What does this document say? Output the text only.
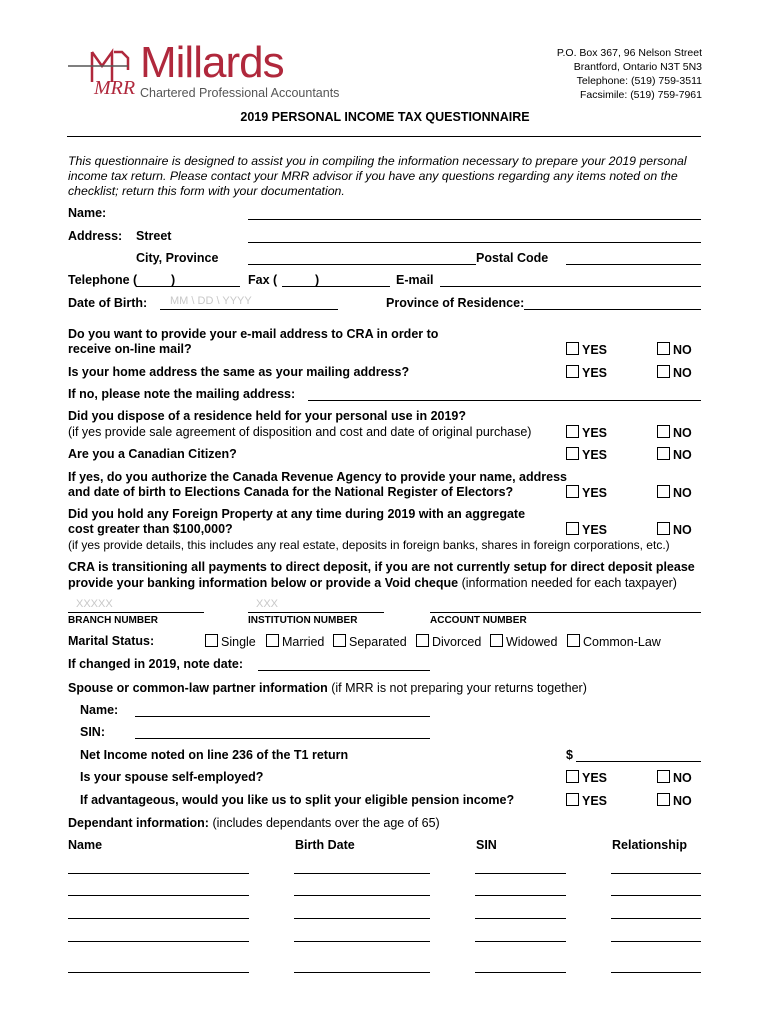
MRR
Millards
Chartered Professional Accountants
P.O. Box 367, 96 Nelson Street
Brantford, Ontario N3T 5N3
Telephone: (519) 759-3511
Facsimile: (519) 759-7961
2019 PERSONAL INCOME TAX QUESTIONNAIRE
This questionnaire is designed to assist you in compiling the information necessary to prepare your 2019 personal income tax return. Please contact your MRR advisor if you have any questions regarding any items noted on the checklist; return this form with your documentation.
Name:
Address: Street
City, Province	Postal Code
Telephone (	)	Fax (	)	E-mail
Date of Birth: MM \ DD \ YYYY	Province of Residence:
Do you want to provide your e-mail address to CRA in order to
receive on-line mail?	YES	NO
Is your home address the same as your mailing address?	YES	NO
If no, please note the mailing address:
Did you dispose of a residence held for your personal use in 2019?
(if yes provide sale agreement of disposition and cost and date of original purchase)	YES	NO
Are you a Canadian Citizen?	YES	NO
If yes, do you authorize the Canada Revenue Agency to provide your name, address
and date of birth to Elections Canada for the National Register of Electors?	YES	NO
Did you hold any Foreign Property at any time during 2019 with an aggregate
cost greater than $100,000?	YES	NO
(if yes provide details, this includes any real estate, deposits in foreign banks, shares in foreign corporations, etc.)
CRA is transitioning all payments to direct deposit, if you are not currently setup for direct deposit please
provide your banking information below or provide a Void cheque (information needed for each taxpayer)
XXXXX	XXX
BRANCH NUMBER	INSTITUTION NUMBER	ACCOUNT NUMBER
Marital Status:	Single	Married	Separated	Divorced	Widowed	Common-Law
If changed in 2019, note date:
Spouse or common-law partner information (if MRR is not preparing your returns together)
Name:
SIN:
Net Income noted on line 236 of the T1 return	$
Is your spouse self-employed?	YES	NO
If advantageous, would you like us to split your eligible pension income?	YES	NO
Dependant information: (includes dependants over the age of 65)
Name	Birth Date	SIN	Relationship
